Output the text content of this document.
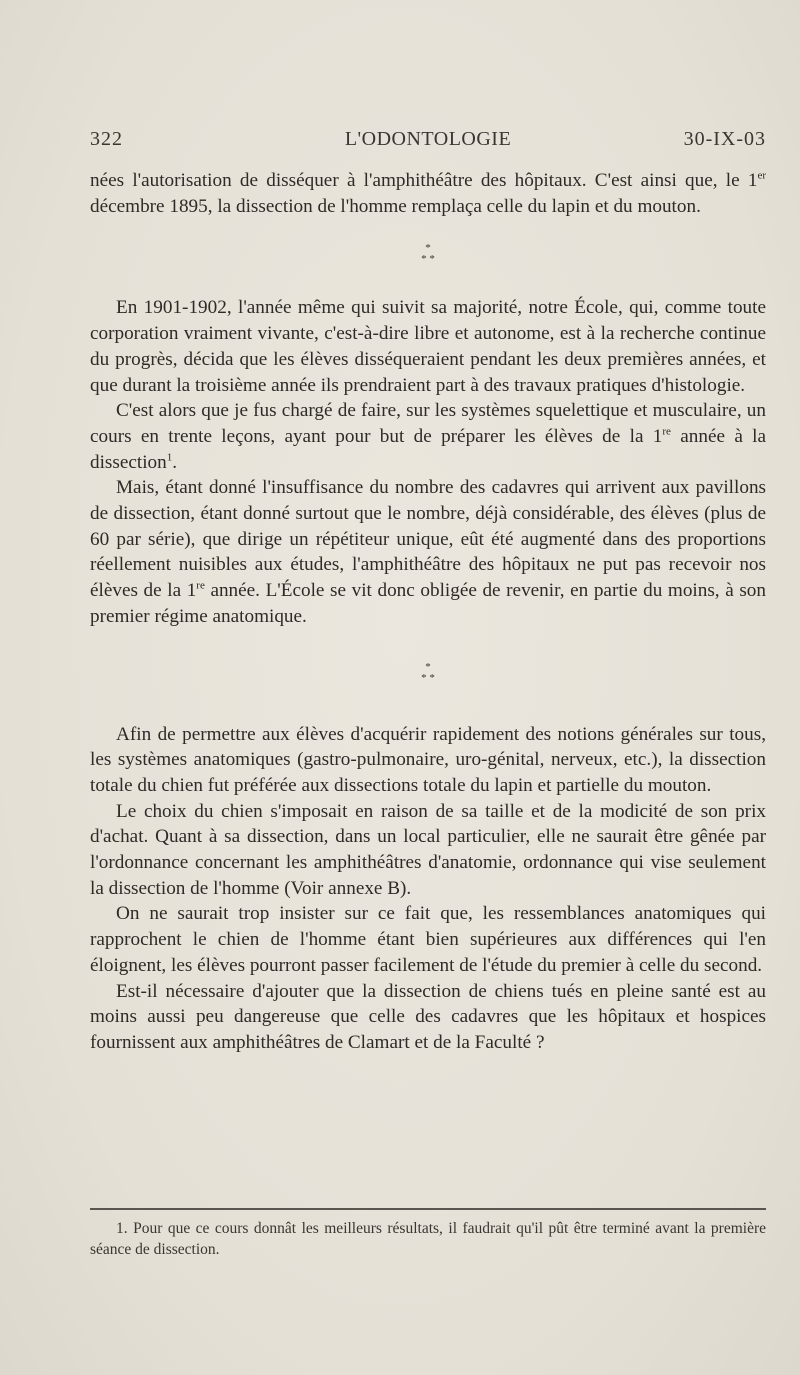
322	L'ODONTOLOGIE	30-IX-03

nées l'autorisation de disséquer à l'amphithéâtre des hôpitaux. C'est ainsi que, le 1er décembre 1895, la dissection de l'homme remplaça celle du lapin et du mouton.

*
* *

En 1901-1902, l'année même qui suivit sa majorité, notre École, qui, comme toute corporation vraiment vivante, c'est-à-dire libre et autonome, est à la recherche continue du progrès, décida que les élèves disséqueraient pendant les deux premières années, et que durant la troisième année ils prendraient part à des travaux pratiques d'histologie.

C'est alors que je fus chargé de faire, sur les systèmes squelettique et musculaire, un cours en trente leçons, ayant pour but de préparer les élèves de la 1re année à la dissection$^1$.

Mais, étant donné l'insuffisance du nombre des cadavres qui arrivent aux pavillons de dissection, étant donné surtout que le nombre, déjà considérable, des élèves (plus de 60 par série), que dirige un répétiteur unique, eût été augmenté dans des proportions réellement nuisibles aux études, l'amphithéâtre des hôpitaux ne put pas recevoir nos élèves de la 1re année. L'École se vit donc obligée de revenir, en partie du moins, à son premier régime anatomique.

*
* *

Afin de permettre aux élèves d'acquérir rapidement des notions générales sur tous, les systèmes anatomiques (gastro-pulmonaire, uro-génital, nerveux, etc.), la dissection totale du chien fut préférée aux dissections totale du lapin et partielle du mouton.

Le choix du chien s'imposait en raison de sa taille et de la modicité de son prix d'achat. Quant à sa dissection, dans un local particulier, elle ne saurait être gênée par l'ordonnance concernant les amphithéâtres d'anatomie, ordonnance qui vise seulement la dissection de l'homme (Voir annexe B).

On ne saurait trop insister sur ce fait que, les ressemblances anatomiques qui rapprochent le chien de l'homme étant bien supérieures aux différences qui l'en éloignent, les élèves pourront passer facilement de l'étude du premier à celle du second.

Est-il nécessaire d'ajouter que la dissection de chiens tués en pleine santé est au moins aussi peu dangereuse que celle des cadavres que les hôpitaux et hospices fournissent aux amphithéâtres de Clamart et de la Faculté ?

1. Pour que ce cours donnât les meilleurs résultats, il faudrait qu'il pût être terminé avant la première séance de dissection.
